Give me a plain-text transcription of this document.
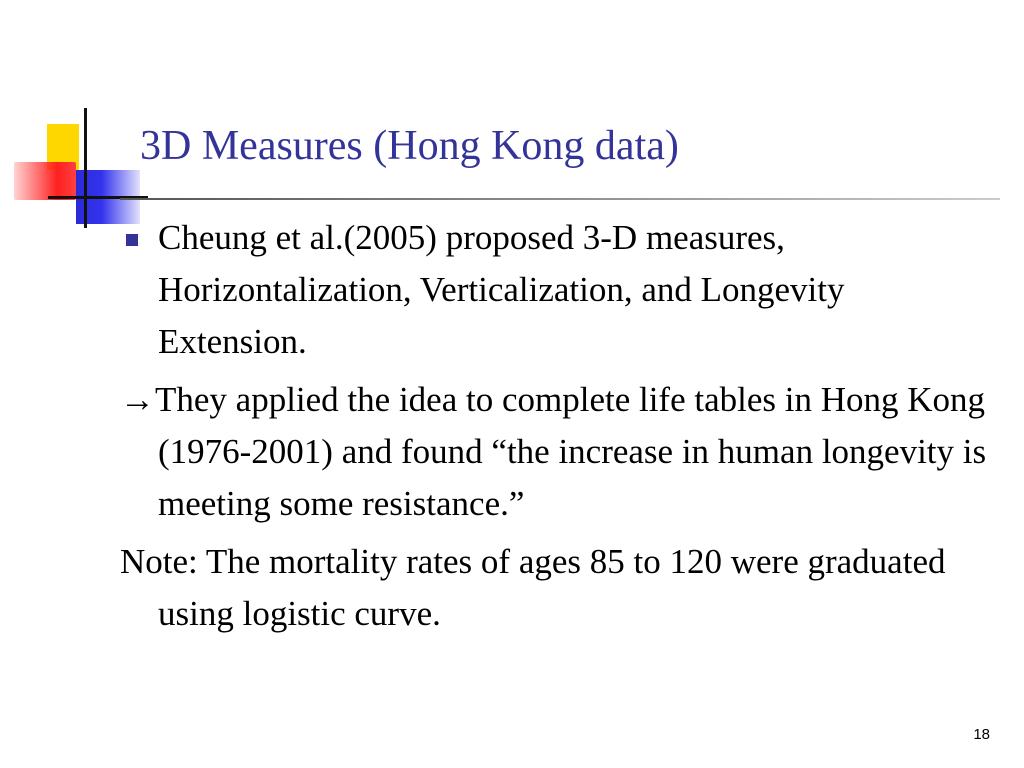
3D Measures (Hong Kong data)
Cheung et al.(2005) proposed 3-D measures, Horizontalization, Verticalization, and Longevity Extension.
→They applied the idea to complete life tables in Hong Kong (1976-2001) and found “the increase in human longevity is meeting some resistance.”
Note: The mortality rates of ages 85 to 120 were graduated using logistic curve.
18
